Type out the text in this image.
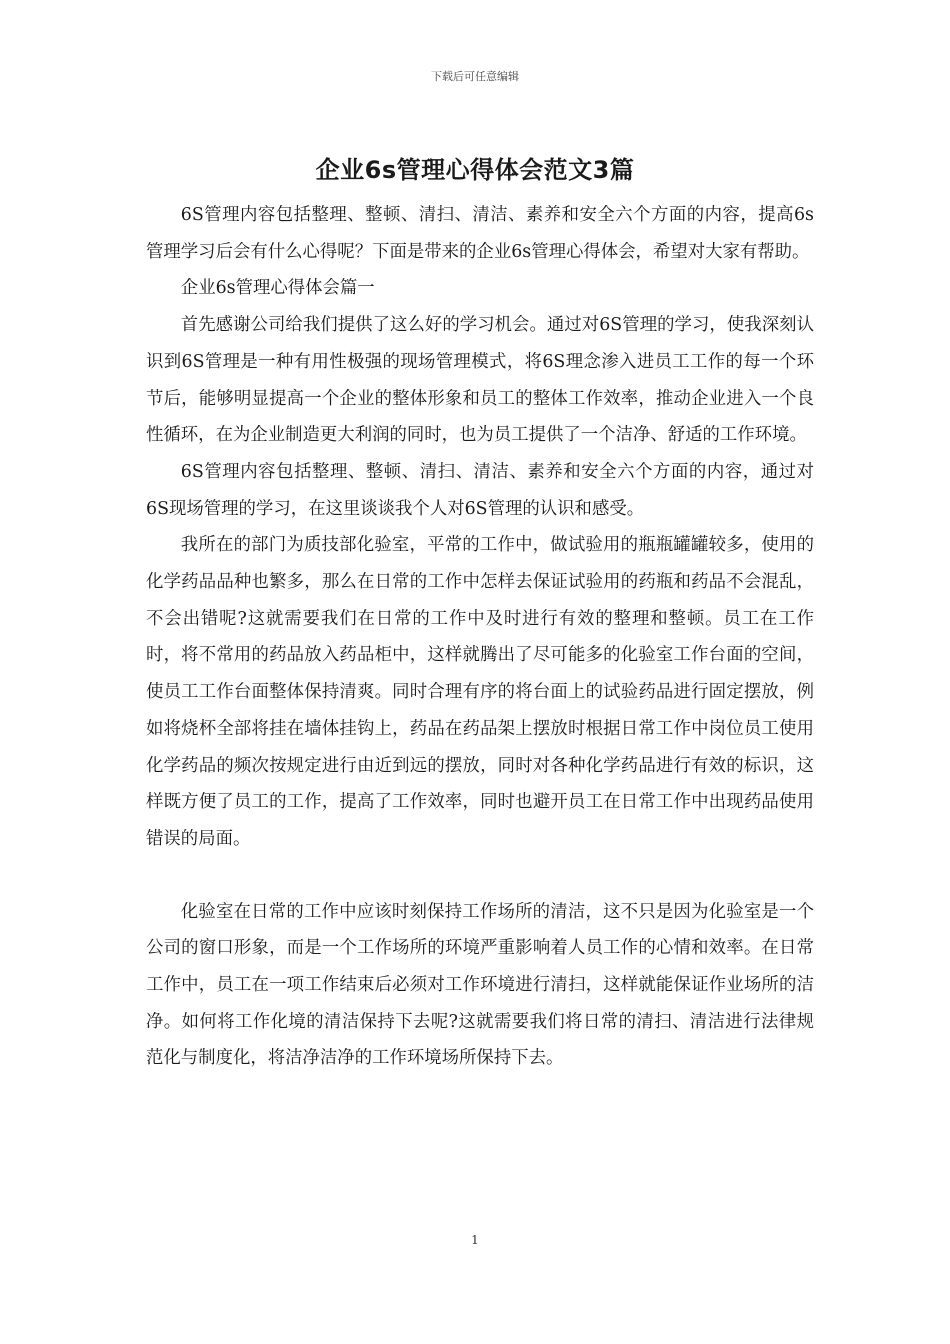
下载后可任意编辑
企业6s管理心得体会范文3篇

6S管理内容包括整理、整顿、清扫、清洁、素养和安全六个方面的内容，提高6s管理学习后会有什么心得呢？下面是带来的企业6s管理心得体会，希望对大家有帮助。

企业6s管理心得体会篇一

首先感谢公司给我们提供了这么好的学习机会。通过对6S管理的学习，使我深刻认识到6S管理是一种有用性极强的现场管理模式，将6S理念渗入进员工工作的每一个环节后，能够明显提高一个企业的整体形象和员工的整体工作效率，推动企业进入一个良性循环，在为企业制造更大利润的同时，也为员工提供了一个洁净、舒适的工作环境。

6S管理内容包括整理、整顿、清扫、清洁、素养和安全六个方面的内容，通过对6S现场管理的学习，在这里谈谈我个人对6S管理的认识和感受。

我所在的部门为质技部化验室，平常的工作中，做试验用的瓶瓶罐罐较多，使用的化学药品品种也繁多，那么在日常的工作中怎样去保证试验用的药瓶和药品不会混乱，不会出错呢?这就需要我们在日常的工作中及时进行有效的整理和整顿。员工在工作时，将不常用的药品放入药品柜中，这样就腾出了尽可能多的化验室工作台面的空间，使员工工作台面整体保持清爽。同时合理有序的将台面上的试验药品进行固定摆放，例如将烧杯全部将挂在墙体挂钩上，药品在药品架上摆放时根据日常工作中岗位员工使用化学药品的频次按规定进行由近到远的摆放，同时对各种化学药品进行有效的标识，这样既方便了员工的工作，提高了工作效率，同时也避开员工在日常工作中出现药品使用错误的局面。

化验室在日常的工作中应该时刻保持工作场所的清洁，这不只是因为化验室是一个公司的窗口形象，而是一个工作场所的环境严重影响着人员工作的心情和效率。在日常工作中，员工在一项工作结束后必须对工作环境进行清扫，这样就能保证作业场所的洁净。如何将工作化境的清洁保持下去呢?这就需要我们将日常的清扫、清洁进行法律规范化与制度化，将洁净洁净的工作环境场所保持下去。

1
